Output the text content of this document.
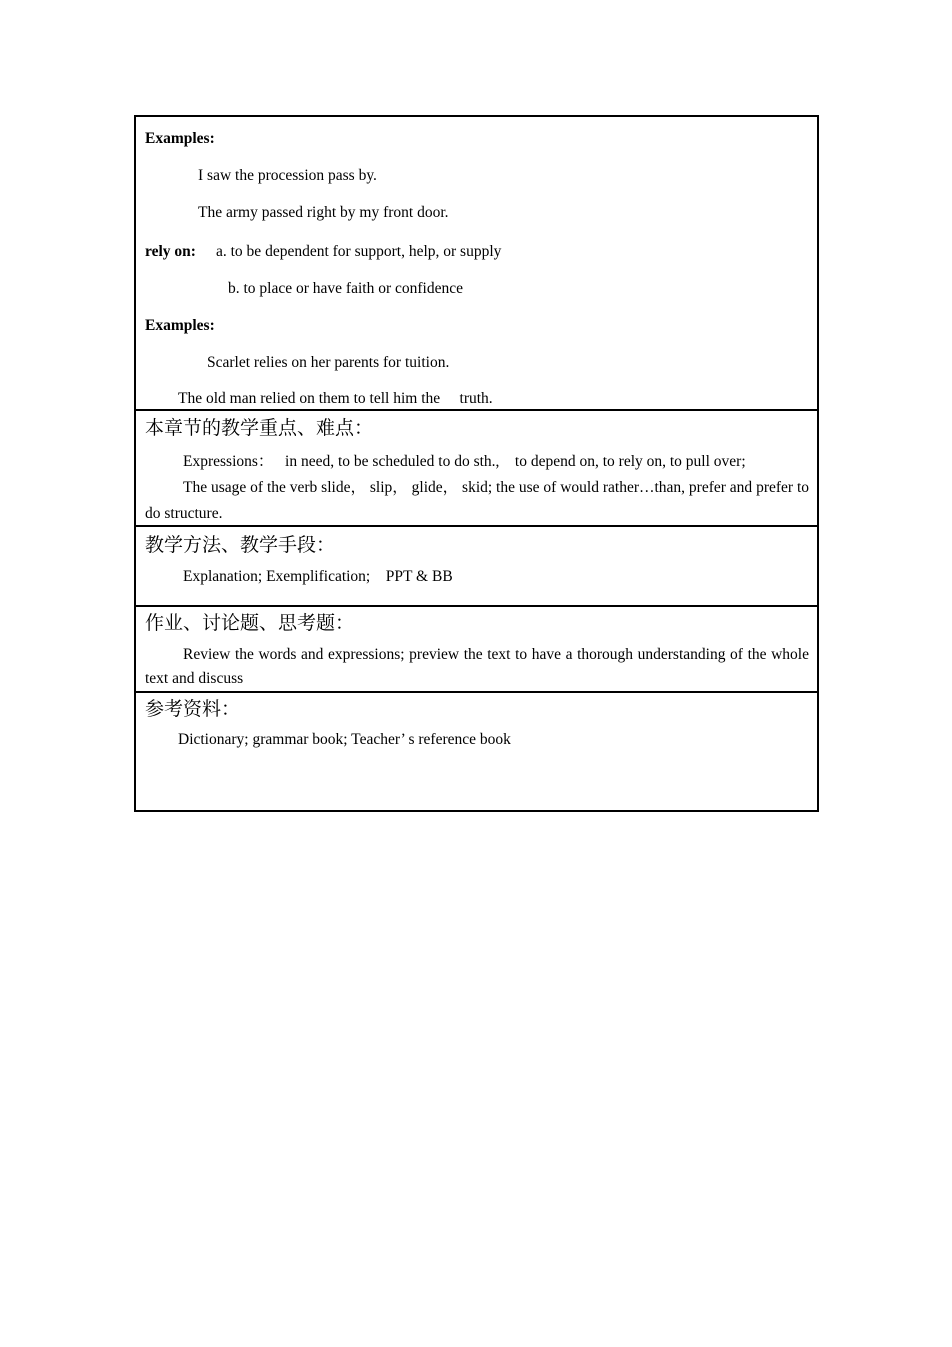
Examples:
I saw the procession pass by.
The army passed right by my front door.
rely on: a. to be dependent for support, help, or supply
b. to place or have faith or confidence
Examples:
Scarlet relies on her parents for tuition.
The old man relied on them to tell him the     truth.
本章节的教学重点、难点：
Expressions：   in need, to be scheduled to do sth.,    to depend on, to rely on, to pull over;
The usage of the verb slide， slip， glide， skid; the use of would rather…than, prefer and prefer to do structure.
教学方法、教学手段：
Explanation; Exemplification;    PPT & BB
作业、讨论题、思考题：
Review the words and expressions; preview the text to have a thorough understanding of the whole text and discuss
参考资料：
Dictionary; grammar book; Teacher’ s reference book
